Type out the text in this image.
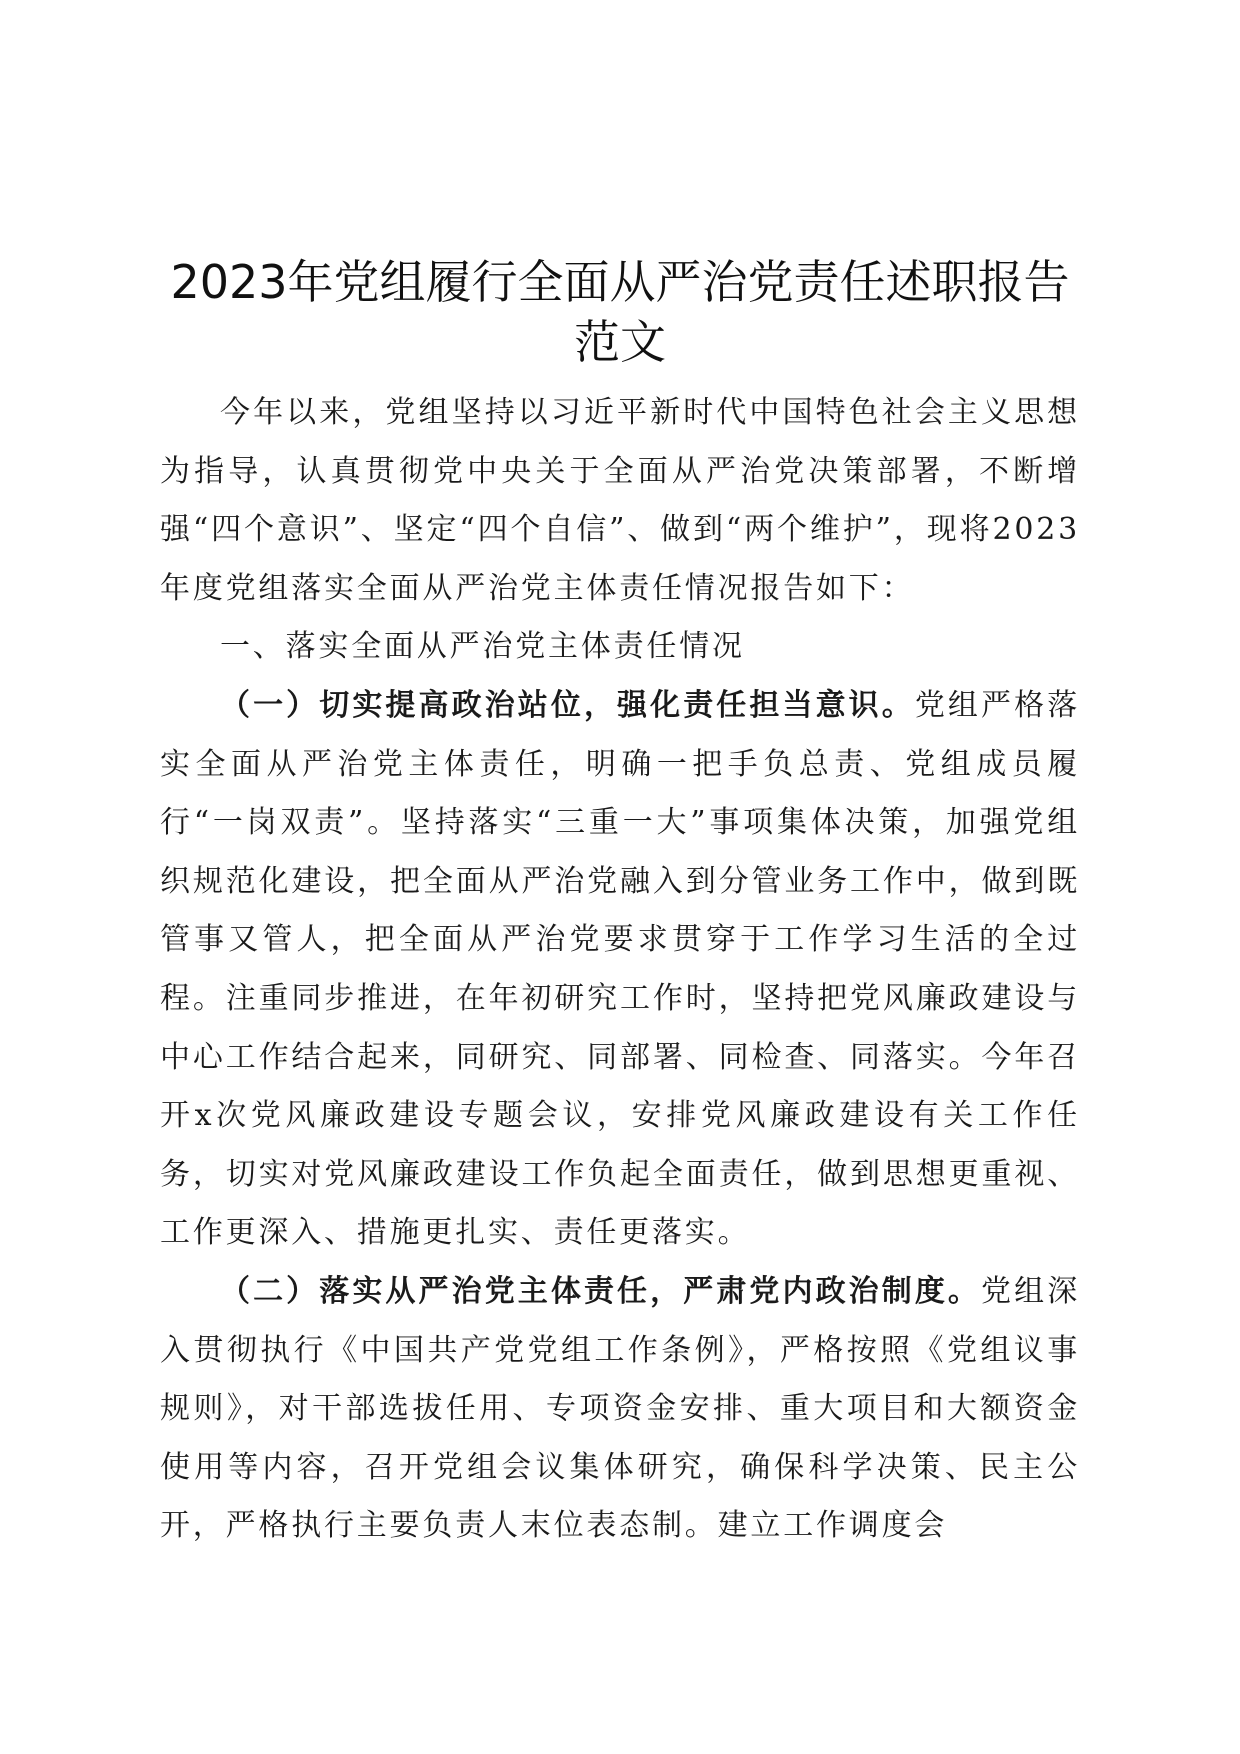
2023年党组履行全面从严治党责任述职报告
范文

今年以来，党组坚持以习近平新时代中国特色社会主义思想为指导，认真贯彻党中央关于全面从严治党决策部署，不断增强“四个意识”、坚定“四个自信”、做到“两个维护”，现将2023年度党组落实全面从严治党主体责任情况报告如下：

一、落实全面从严治党主体责任情况

（一）切实提高政治站位，强化责任担当意识。党组严格落实全面从严治党主体责任，明确一把手负总责、党组成员履行“一岗双责”。坚持落实“三重一大”事项集体决策，加强党组织规范化建设，把全面从严治党融入到分管业务工作中，做到既管事又管人，把全面从严治党要求贯穿于工作学习生活的全过程。注重同步推进，在年初研究工作时，坚持把党风廉政建设与中心工作结合起来，同研究、同部署、同检查、同落实。今年召开x次党风廉政建设专题会议，安排党风廉政建设有关工作任务，切实对党风廉政建设工作负起全面责任，做到思想更重视、工作更深入、措施更扎实、责任更落实。

（二）落实从严治党主体责任，严肃党内政治制度。党组深入贯彻执行《中国共产党党组工作条例》，严格按照《党组议事规则》，对干部选拔任用、专项资金安排、重大项目和大额资金使用等内容，召开党组会议集体研究，确保科学决策、民主公开，严格执行主要负责人末位表态制。建立工作调度会
